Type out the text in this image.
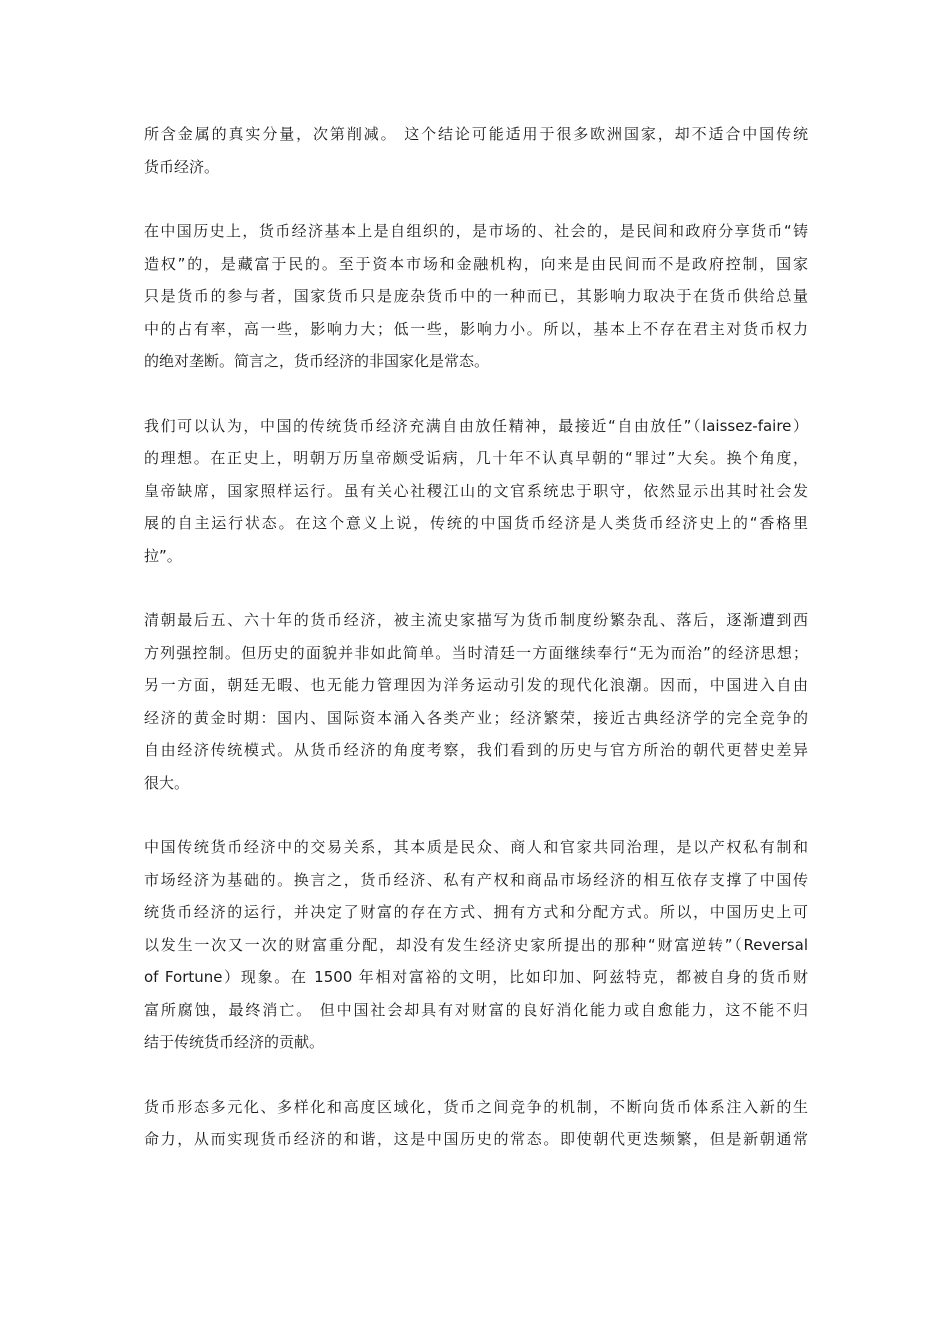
所含金属的真实分量，次第削减。 这个结论可能适用于很多欧洲国家，却不适合中国传统
货币经济。

在中国历史上，货币经济基本上是自组织的，是市场的、社会的，是民间和政府分享货币“铸
造权”的，是藏富于民的。至于资本市场和金融机构，向来是由民间而不是政府控制，国家
只是货币的参与者，国家货币只是庞杂货币中的一种而已，其影响力取决于在货币供给总量
中的占有率，高一些，影响力大；低一些，影响力小。所以，基本上不存在君主对货币权力
的绝对垄断。简言之，货币经济的非国家化是常态。

我们可以认为，中国的传统货币经济充满自由放任精神，最接近“自由放任”（laissez-faire）
的理想。在正史上，明朝万历皇帝颇受诟病，几十年不认真早朝的“罪过”大矣。换个角度，
皇帝缺席，国家照样运行。虽有关心社稷江山的文官系统忠于职守，依然显示出其时社会发
展的自主运行状态。在这个意义上说，传统的中国货币经济是人类货币经济史上的“香格里
拉”。

清朝最后五、六十年的货币经济，被主流史家描写为货币制度纷繁杂乱、落后，逐渐遭到西
方列强控制。但历史的面貌并非如此简单。当时清廷一方面继续奉行“无为而治”的经济思想；
另一方面，朝廷无暇、也无能力管理因为洋务运动引发的现代化浪潮。因而，中国进入自由
经济的黄金时期：国内、国际资本涌入各类产业；经济繁荣，接近古典经济学的完全竞争的
自由经济传统模式。从货币经济的角度考察，我们看到的历史与官方所治的朝代更替史差异
很大。

中国传统货币经济中的交易关系，其本质是民众、商人和官家共同治理，是以产权私有制和
市场经济为基础的。换言之，货币经济、私有产权和商品市场经济的相互依存支撑了中国传
统货币经济的运行，并决定了财富的存在方式、拥有方式和分配方式。所以，中国历史上可
以发生一次又一次的财富重分配，却没有发生经济史家所提出的那种“财富逆转”（Reversal
of Fortune）现象。在 1500 年相对富裕的文明，比如印加、阿兹特克，都被自身的货币财
富所腐蚀，最终消亡。 但中国社会却具有对财富的良好消化能力或自愈能力，这不能不归
结于传统货币经济的贡献。

货币形态多元化、多样化和高度区域化，货币之间竞争的机制，不断向货币体系注入新的生
命力，从而实现货币经济的和谐，这是中国历史的常态。即使朝代更迭频繁，但是新朝通常
